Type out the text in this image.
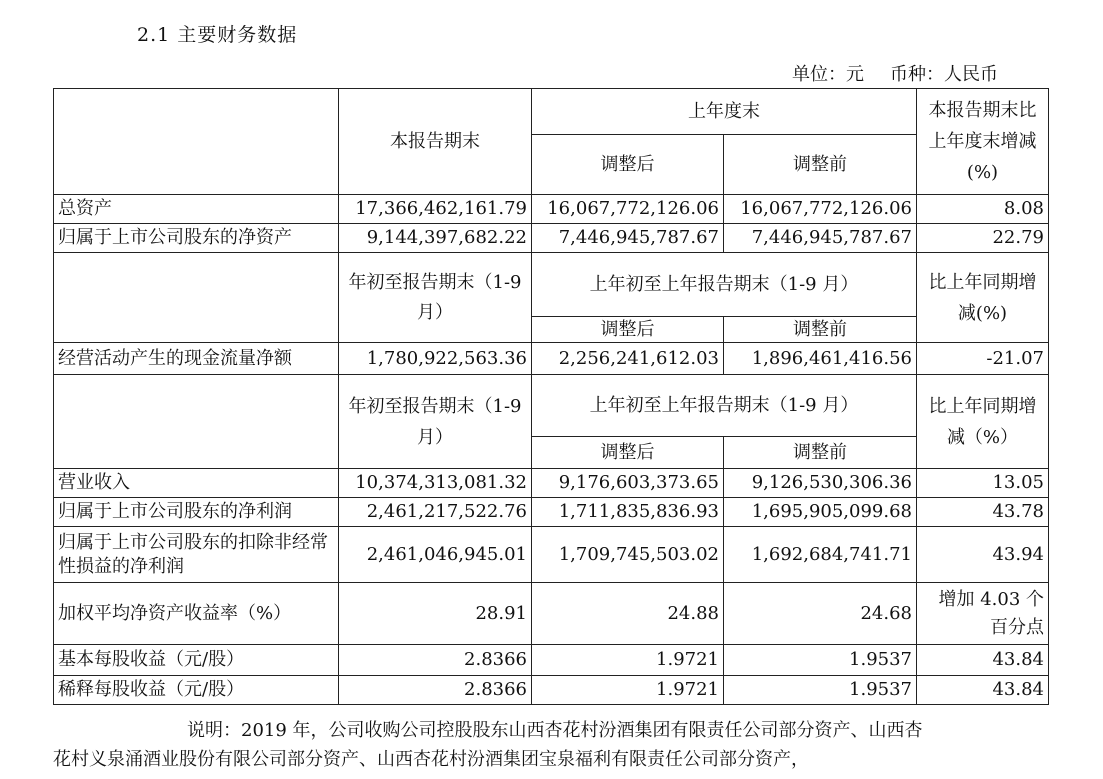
2.1 主要财务数据
单位：元 币种：人民币
	本报告期末	上年度末		本报告期末比上年度末增减(%)
		调整后	调整前	
总资产	17,366,462,161.79	16,067,772,126.06	16,067,772,126.06	8.08
归属于上市公司股东的净资产	9,144,397,682.22	7,446,945,787.67	7,446,945,787.67	22.79
	年初至报告期末（1-9月）	上年初至上年报告期末（1-9 月）		比上年同期增减(%)
		调整后	调整前	
经营活动产生的现金流量净额	1,780,922,563.36	2,256,241,612.03	1,896,461,416.56	-21.07
	年初至报告期末（1-9 月）	上年初至上年报告期末（1-9 月）		比上年同期增减（%）
		调整后	调整前	
营业收入	10,374,313,081.32	9,176,603,373.65	9,126,530,306.36	13.05
归属于上市公司股东的净利润	2,461,217,522.76	1,711,835,836.93	1,695,905,099.68	43.78
归属于上市公司股东的扣除非经常性损益的净利润	2,461,046,945.01	1,709,745,503.02	1,692,684,741.71	43.94
加权平均净资产收益率（%）	28.91	24.88	24.68	增加 4.03 个百分点
基本每股收益（元/股）	2.8366	1.9721	1.9537	43.84
稀释每股收益（元/股）	2.8366	1.9721	1.9537	43.84
说明：2019 年，公司收购公司控股股东山西杏花村汾酒集团有限责任公司部分资产、山西杏
花村义泉涌酒业股份有限公司部分资产、山西杏花村汾酒集团宝泉福利有限责任公司部分资产，
